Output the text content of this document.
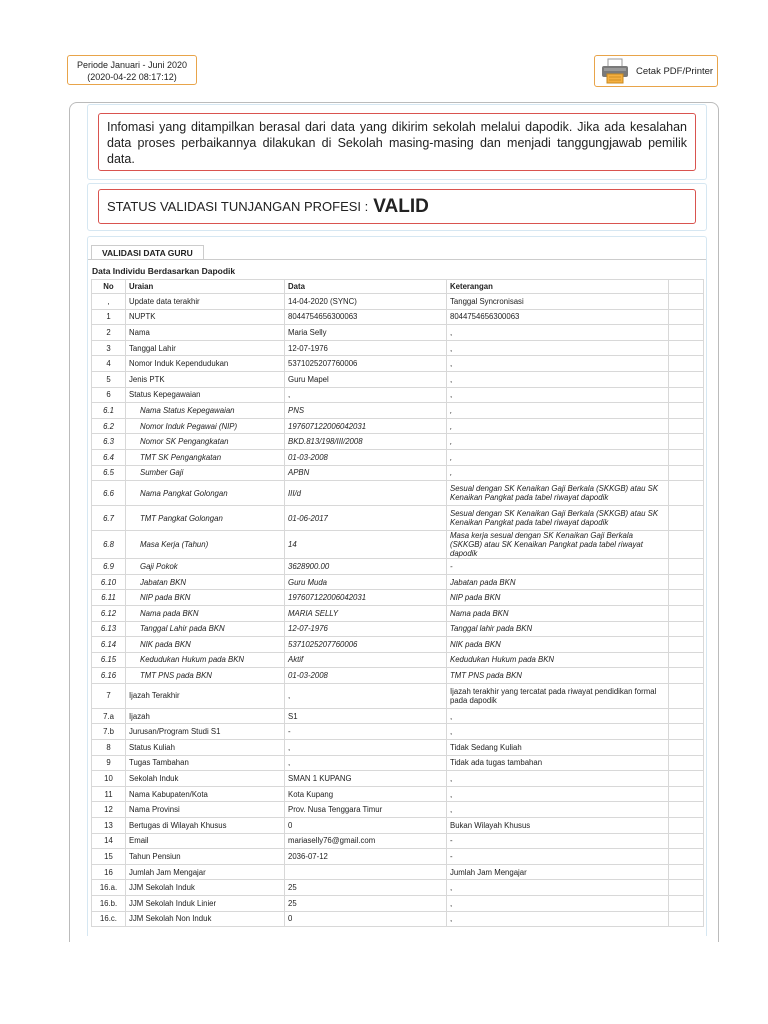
Periode Januari - Juni 2020
(2020-04-22 08:17:12)
Cetak PDF/Printer
Infomasi yang ditampilkan berasal dari data yang dikirim sekolah melalui dapodik. Jika ada kesalahan data proses perbaikannya dilakukan di Sekolah masing-masing dan menjadi tanggungjawab pemilik data.
STATUS VALIDASI TUNJANGAN PROFESI : VALID
VALIDASI DATA GURU
Data Individu Berdasarkan Dapodik
No	Uraian	Data	Keterangan	
,	Update data terakhir	14-04-2020 (SYNC)	Tanggal Syncronisasi	
1	NUPTK	8044754656300063	8044754656300063	
2	Nama	Maria Selly	,	
3	Tanggal Lahir	12-07-1976	,	
4	Nomor Induk Kependudukan	5371025207760006	,	
5	Jenis PTK	Guru Mapel	,	
6	Status Kepegawaian	,	,	
6.1	Nama Status Kepegawaian	PNS	,	
6.2	Nomor Induk Pegawai (NIP)	197607122006042031	,	
6.3	Nomor SK Pengangkatan	BKD.813/198/III/2008	,	
6.4	TMT SK Pengangkatan	01-03-2008	,	
6.5	Sumber Gaji	APBN	,	
6.6	Nama Pangkat Golongan	III/d	Sesual dengan SK Kenaikan Gaji Berkala (SKKGB) atau SK Kenaikan Pangkat pada tabel riwayat dapodik	
6.7	TMT Pangkat Golongan	01-06-2017	Sesual dengan SK Kenaikan Gaji Berkala (SKKGB) atau SK Kenaikan Pangkat pada tabel riwayat dapodik	
6.8	Masa Kerja (Tahun)	14	Masa kerja sesual dengan SK Kenaikan Gaji Berkala (SKKGB) atau SK Kenaikan Pangkat pada tabel riwayat dapodik	
6.9	Gaji Pokok	3628900.00	-	
6.10	Jabatan BKN	Guru Muda	Jabatan pada BKN	
6.11	NIP pada BKN	197607122006042031	NIP pada BKN	
6.12	Nama pada BKN	MARIA SELLY	Nama pada BKN	
6.13	Tanggal Lahir pada BKN	12-07-1976	Tanggal lahir pada BKN	
6.14	NIK pada BKN	5371025207760006	NIK pada BKN	
6.15	Kedudukan Hukum pada BKN	Aktif	Kedudukan Hukum pada BKN	
6.16	TMT PNS pada BKN	01-03-2008	TMT PNS pada BKN	
7	Ijazah Terakhir	,	Ijazah terakhir yang tercatat pada riwayat pendidikan formal pada dapodik	
7.a	Ijazah	S1	,	
7.b	Jurusan/Program Studi S1	-	,	
8	Status Kuliah	,	Tidak Sedang Kuliah	
9	Tugas Tambahan	,	Tidak ada tugas tambahan	
10	Sekolah Induk	SMAN 1 KUPANG	,	
11	Nama Kabupaten/Kota	Kota Kupang	,	
12	Nama Provinsi	Prov. Nusa Tenggara Timur	,	
13	Bertugas di Wilayah Khusus	0	Bukan Wilayah Khusus	
14	Email	mariaselly76@gmail.com	-	
15	Tahun Pensiun	2036-07-12	-	
16	Jumlah Jam Mengajar		Jumlah Jam Mengajar	
16.a.	JJM Sekolah Induk	25	,	
16.b.	JJM Sekolah Induk Linier	25	,	
16.c.	JJM Sekolah Non Induk	0	,	
